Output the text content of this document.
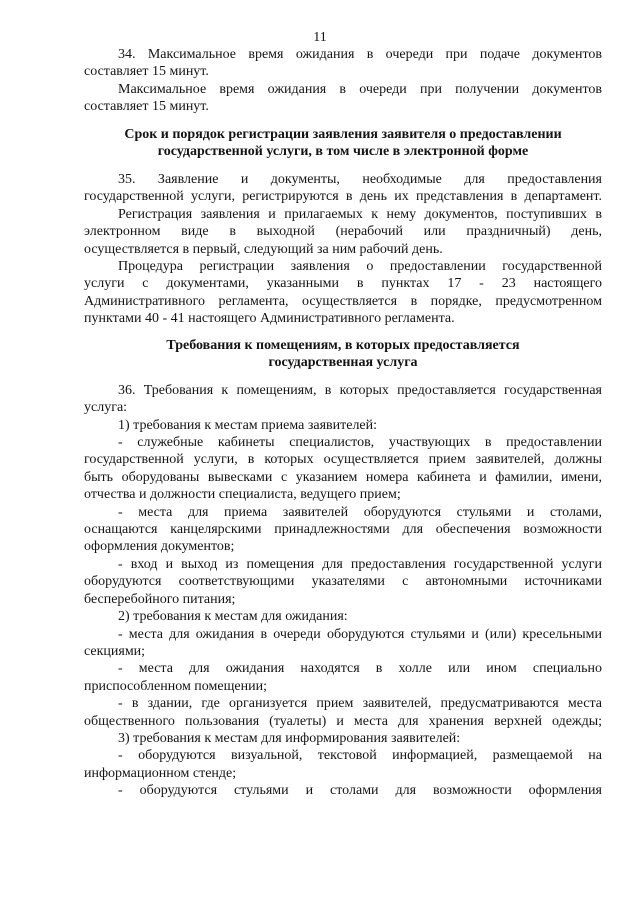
11
34. Максимальное время ожидания в очереди при подаче документов
составляет 15 минут.
Максимальное время ожидания в очереди при получении документов
составляет 15 минут.
Срок и порядок регистрации заявления заявителя о предоставлении
государственной услуги, в том числе в электронной форме
35. Заявление и документы, необходимые для предоставления
государственной услуги, регистрируются в день их представления в департамент.
Регистрация заявления и прилагаемых к нему документов, поступивших в
электронном виде в выходной (нерабочий или праздничный) день,
осуществляется в первый, следующий за ним рабочий день.
Процедура регистрации заявления о предоставлении государственной
услуги с документами, указанными в пунктах 17 - 23 настоящего
Административного регламента, осуществляется в порядке, предусмотренном
пунктами 40 - 41 настоящего Административного регламента.
Требования к помещениям, в которых предоставляется
государственная услуга
36. Требования к помещениям, в которых предоставляется государственная
услуга:
1) требования к местам приема заявителей:
- служебные кабинеты специалистов, участвующих в предоставлении
государственной услуги, в которых осуществляется прием заявителей, должны
быть оборудованы вывесками с указанием номера кабинета и фамилии, имени,
отчества и должности специалиста, ведущего прием;
- места для приема заявителей оборудуются стульями и столами,
оснащаются канцелярскими принадлежностями для обеспечения возможности
оформления документов;
- вход и выход из помещения для предоставления государственной услуги
оборудуются соответствующими указателями с автономными источниками
бесперебойного питания;
2) требования к местам для ожидания:
- места для ожидания в очереди оборудуются стульями и (или) кресельными
секциями;
- места для ожидания находятся в холле или ином специально
приспособленном помещении;
- в здании, где организуется прием заявителей, предусматриваются места
общественного пользования (туалеты) и места для хранения верхней одежды;
3) требования к местам для информирования заявителей:
- оборудуются визуальной, текстовой информацией, размещаемой на
информационном стенде;
- оборудуются стульями и столами для возможности оформления
